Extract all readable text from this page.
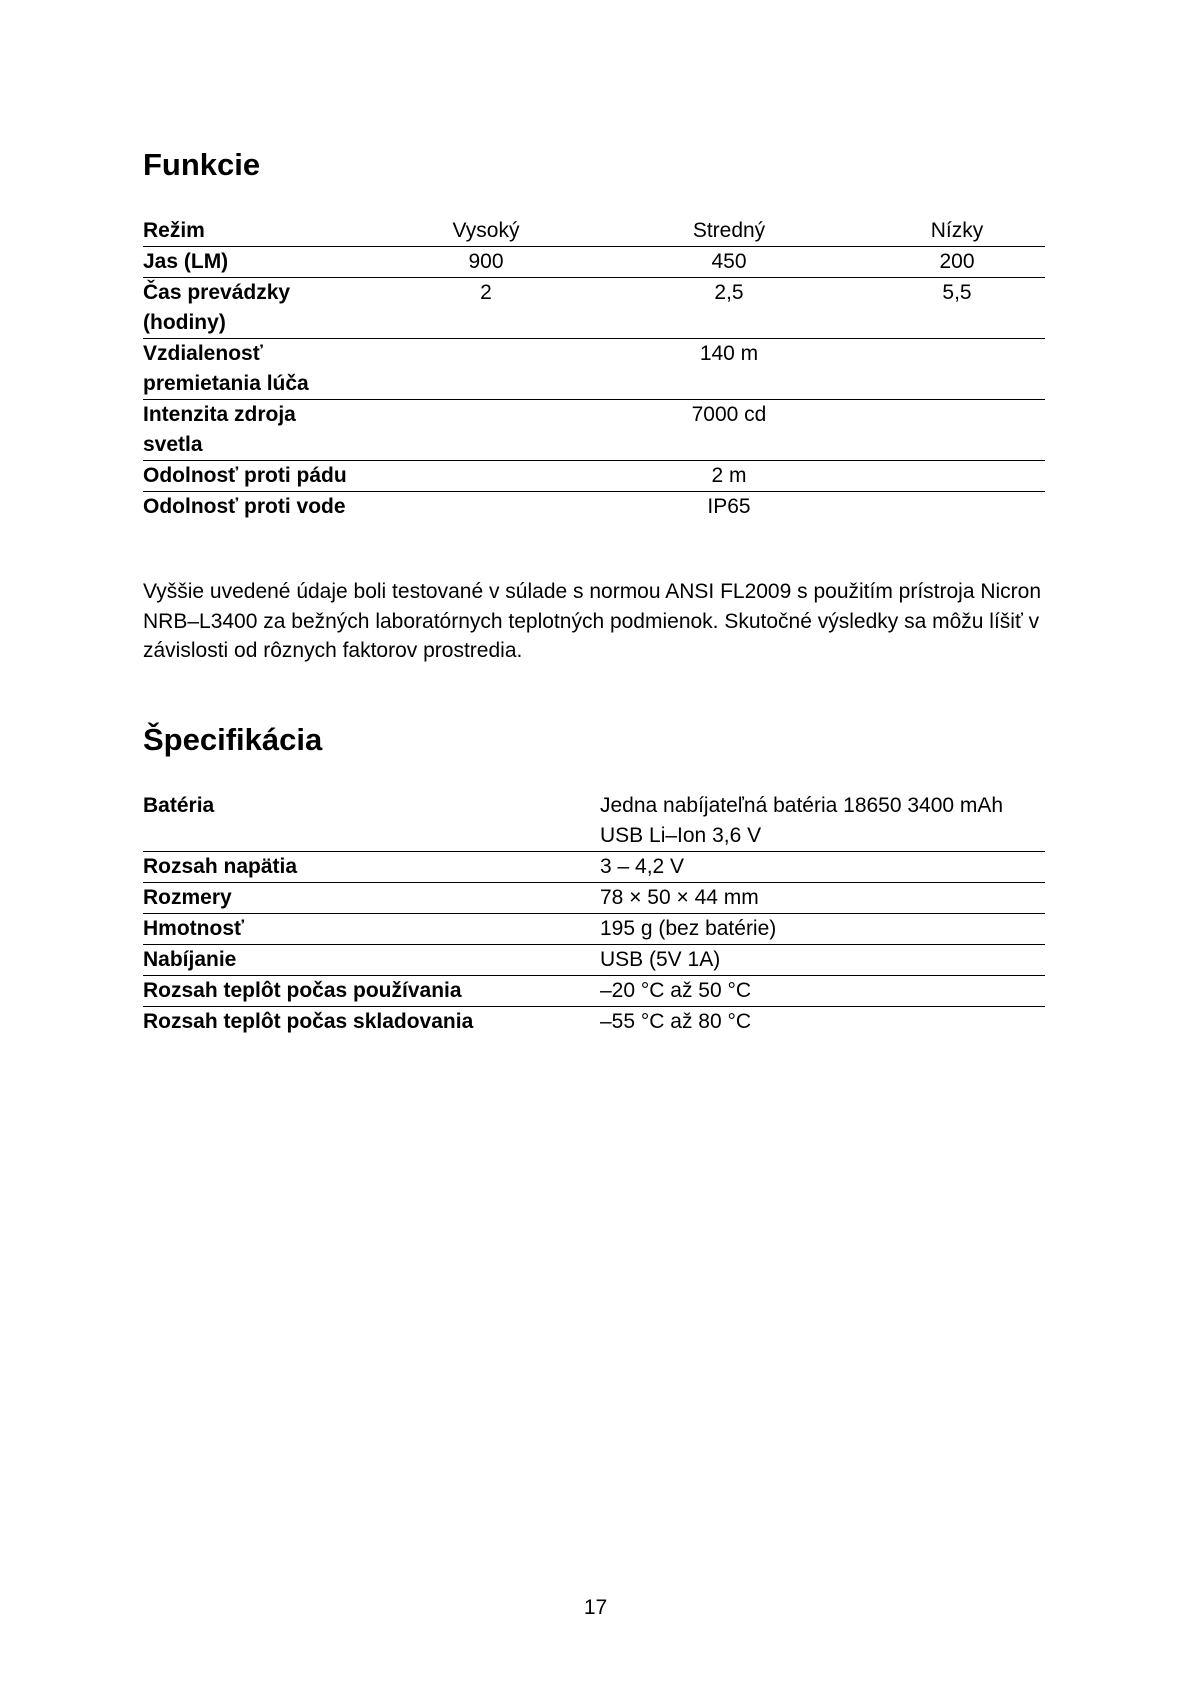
Funkcie
Režim	Vysoký	Stredný	Nízky
Jas (LM)	900	450	200
Čas prevádzky (hodiny)	2	2,5	5,5
Vzdialenosť premietania lúča	140 m		
Intenzita zdroja svetla	7000 cd		
Odolnosť proti pádu	2 m		
Odolnosť proti vode	IP65		

Vyššie uvedené údaje boli testované v súlade s normou ANSI FL2009 s použitím prístroja Nicron NRB–L3400 za bežných laboratórnych teplotných podmienok. Skutočné výsledky sa môžu líšiť v závislosti od rôznych faktorov prostredia.

Špecifikácia
Batéria	Jedna nabíjateľná batéria 18650 3400 mAh USB Li–Ion 3,6 V
Rozsah napätia	3 – 4,2 V
Rozmery	78 × 50 × 44 mm
Hmotnosť	195 g (bez batérie)
Nabíjanie	USB (5V 1A)
Rozsah teplôt počas používania	–20 °C až 50 °C
Rozsah teplôt počas skladovania	–55 °C až 80 °C
17
